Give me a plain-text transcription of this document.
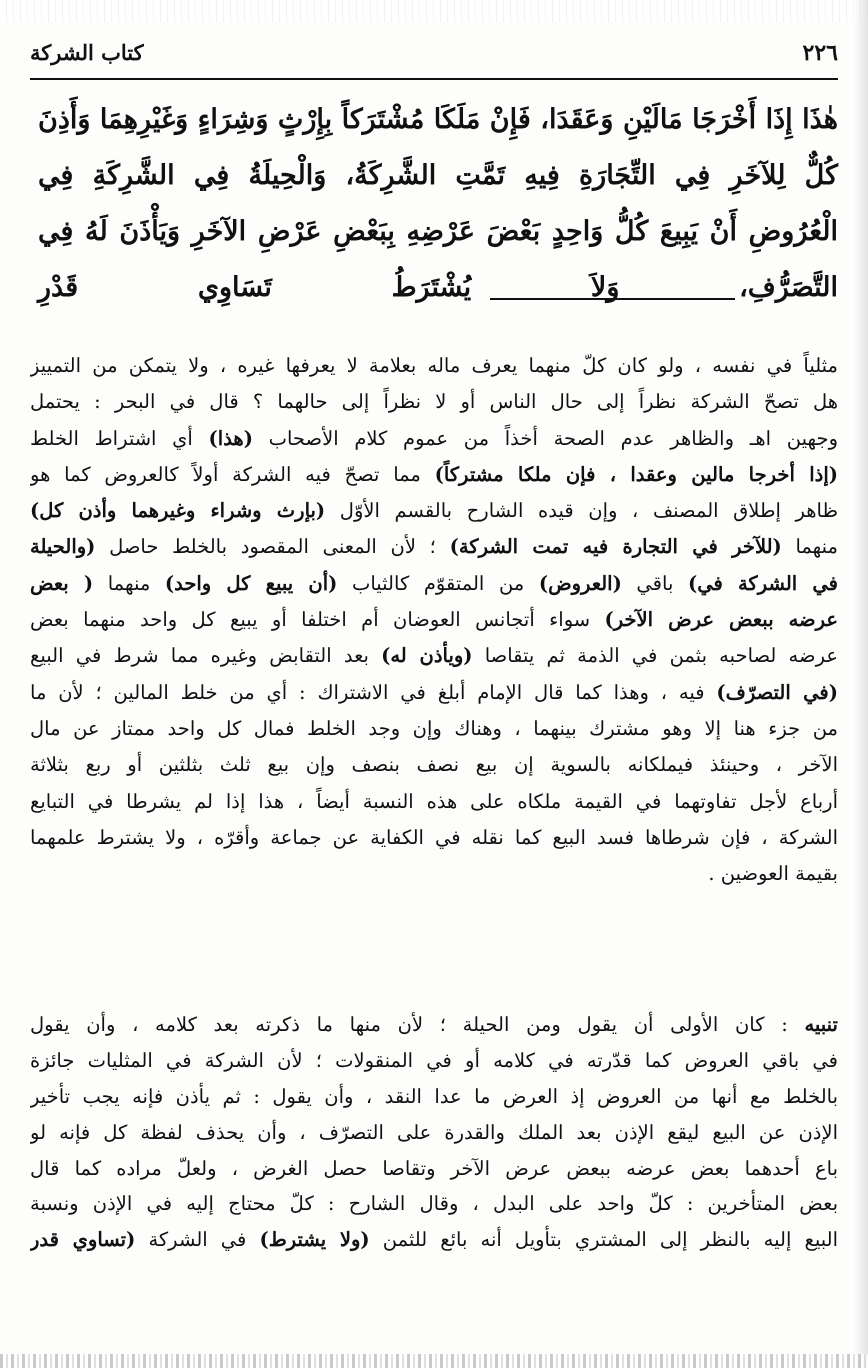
٢٢٦
كتاب الشركة

هٰذَا إِذَا أَخْرَجَا مَالَيْنِ وَعَقَدَا، فَإِنْ مَلَكَا مُشْتَرَكاً بِإِرْثٍ وَشِرَاءٍ وَغَيْرِهِمَا وَأَذِنَ كُلٌّ لِلآخَرِ فِي التِّجَارَةِ فِيهِ تَمَّتِ الشَّرِكَةُ، وَالْحِيلَةُ فِي الشَّرِكَةِ فِي الْعُرُوضِ أَنْ يَبِيعَ كُلُّ وَاحِدٍ بَعْضَ عَرْضِهِ بِبَعْضِ عَرْضِ الآخَرِ وَيَأْذَنَ لَهُ فِي التَّصَرُّفِ، وَلاَ يُشْتَرَطُ تَسَاوِي قَدْرِ

مثلياً في نفسه ، ولو كان كلّ منهما يعرف ماله بعلامة لا يعرفها غيره ، ولا يتمكن من التمييز
هل تصحّ الشركة نظراً إلى حال الناس أو لا نظراً إلى حالهما ؟ قال في البحر : يحتمل
وجهين اهـ والظاهر عدم الصحة أخذاً من عموم كلام الأصحاب (هذا) أي اشتراط الخلط
(إذا أخرجا مالين وعقدا ، فإن ملكا مشتركاً) مما تصحّ فيه الشركة أولاً كالعروض كما هو
ظاهر إطلاق المصنف ، وإن قيده الشارح بالقسم الأوّل (بإرث وشراء وغيرهما وأذن كل)
منهما (للآخر في التجارة فيه تمت الشركة) ؛ لأن المعنى المقصود بالخلط حاصل (والحيلة
في الشركة في) باقي (العروض) من المتقوّم كالثياب (أن يبيع كل واحد) منهما ( بعض
عرضه ببعض عرض الآخر) سواء أتجانس العوضان أم اختلفا أو يبيع كل واحد منهما بعض
عرضه لصاحبه بثمن في الذمة ثم يتقاصا (ويأذن له) بعد التقابض وغيره مما شرط في البيع
(في التصرّف) فيه ، وهذا كما قال الإمام أبلغ في الاشتراك : أي من خلط المالين ؛ لأن ما
من جزء هنا إلا وهو مشترك بينهما ، وهناك وإن وجد الخلط فمال كل واحد ممتاز عن مال
الآخر ، وحينئذ فيملكانه بالسوية إن بيع نصف بنصف وإن بيع ثلث بثلثين أو ربع بثلاثة
أرباع لأجل تفاوتهما في القيمة ملكاه على هذه النسبة أيضاً ، هذا إذا لم يشرطا في التبايع
الشركة ، فإن شرطاها فسد البيع كما نقله في الكفاية عن جماعة وأقرّه ، ولا يشترط علمهما
بقيمة العوضين .
تنبيه : كان الأولى أن يقول ومن الحيلة ؛ لأن منها ما ذكرته بعد كلامه ، وأن يقول
في باقي العروض كما قدّرته في كلامه أو في المنقولات ؛ لأن الشركة في المثليات جائزة
بالخلط مع أنها من العروض إذ العرض ما عدا النقد ، وأن يقول : ثم يأذن فإنه يجب تأخير
الإذن عن البيع ليقع الإذن بعد الملك والقدرة على التصرّف ، وأن يحذف لفظة كل فإنه لو
باع أحدهما بعض عرضه ببعض عرض الآخر وتقاصا حصل الغرض ، ولعلّ مراده كما قال
بعض المتأخرين : كلّ واحد على البدل ، وقال الشارح : كلّ محتاج إليه في الإذن ونسبة
البيع إليه بالنظر إلى المشتري بتأويل أنه بائع للثمن (ولا يشترط) في الشركة (تساوي قدر
